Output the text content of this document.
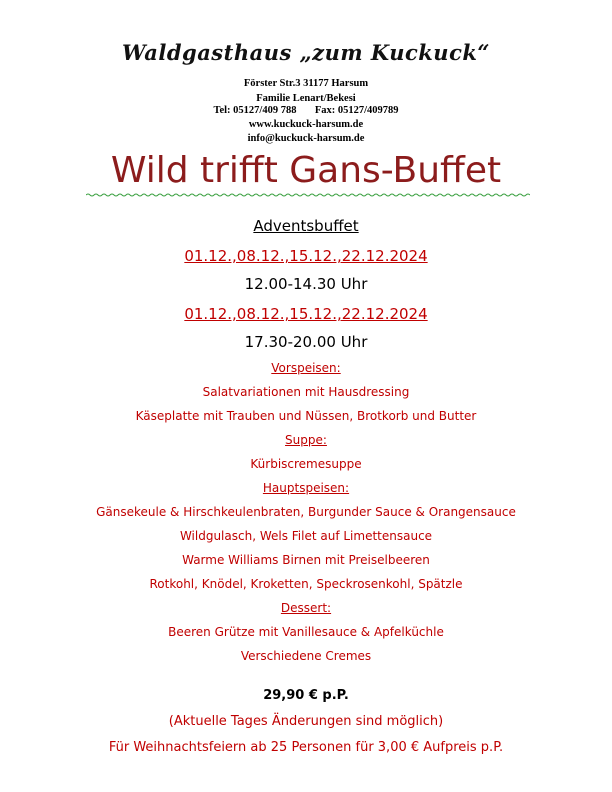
Waldgasthaus „zum Kuckuck“
Förster Str.3 31177 Harsum
Familie Lenart/Bekesi
Tel: 05127/409 788       Fax: 05127/409789
www.kuckuck-harsum.de
info@kuckuck-harsum.de
Wild trifft Gans-Buffet
Adventsbuffet
01.12.,08.12.,15.12.,22.12.2024
12.00-14.30 Uhr
01.12.,08.12.,15.12.,22.12.2024
17.30-20.00 Uhr
Vorspeisen:
Salatvariationen mit Hausdressing
Käseplatte mit Trauben und Nüssen, Brotkorb und Butter
Suppe:
Kürbiscremesuppe
Hauptspeisen:
Gänsekeule & Hirschkeulenbraten, Burgunder Sauce & Orangensauce
Wildgulasch, Wels Filet auf Limettensauce
Warme Williams Birnen mit Preiselbeeren
Rotkohl, Knödel, Kroketten, Speckrosenkohl, Spätzle
Dessert:
Beeren Grütze mit Vanillesauce & Apfelküchle
Verschiedene Cremes
29,90 € p.P.
(Aktuelle Tages Änderungen sind möglich)
Für Weihnachtsfeiern ab 25 Personen für 3,00 € Aufpreis p.P.
